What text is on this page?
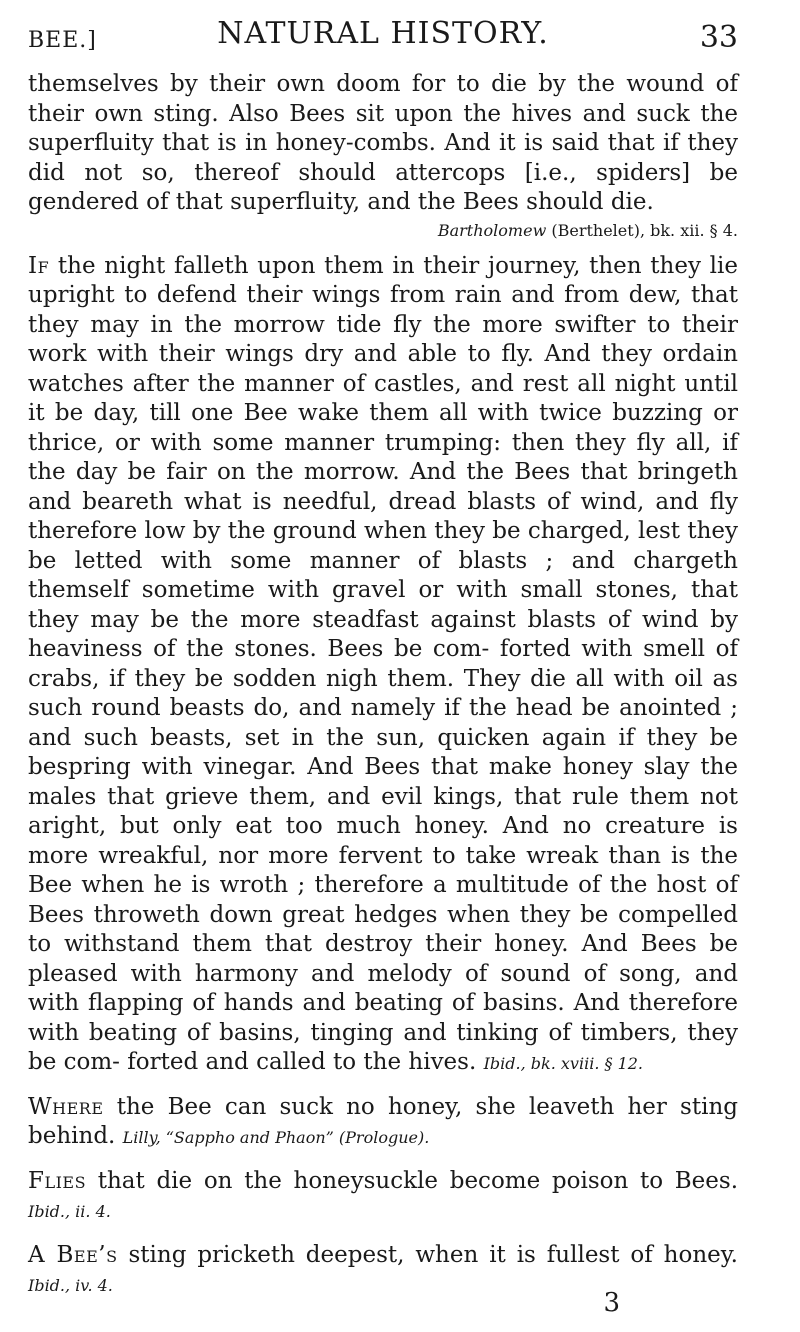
BEE.]	NATURAL HISTORY.	33

themselves by their own doom for to die by the wound of their own sting. Also Bees sit upon the hives and suck the superfluity that is in honey-combs. And it is said that if they did not so, thereof should attercops [i.e., spiders] be gendered of that superfluity, and the Bees should die.

Bartholomew (Berthelet), bk. xii. § 4.

If the night falleth upon them in their journey, then they lie upright to defend their wings from rain and from dew, that they may in the morrow tide fly the more swifter to their work with their wings dry and able to fly. And they ordain watches after the manner of castles, and rest all night until it be day, till one Bee wake them all with twice buzzing or thrice, or with some manner trumping: then they fly all, if the day be fair on the morrow. And the Bees that bringeth and beareth what is needful, dread blasts of wind, and fly therefore low by the ground when they be charged, lest they be letted with some manner of blasts ; and chargeth themself sometime with gravel or with small stones, that they may be the more steadfast against blasts of wind by heaviness of the stones. Bees be com- forted with smell of crabs, if they be sodden nigh them. They die all with oil as such round beasts do, and namely if the head be anointed ; and such beasts, set in the sun, quicken again if they be bespring with vinegar. And Bees that make honey slay the males that grieve them, and evil kings, that rule them not aright, but only eat too much honey. And no creature is more wreakful, nor more fervent to take wreak than is the Bee when he is wroth ; therefore a multitude of the host of Bees throweth down great hedges when they be compelled to withstand them that destroy their honey. And Bees be pleased with harmony and melody of sound of song, and with flapping of hands and beating of basins. And therefore with beating of basins, tinging and tinking of timbers, they be com- forted and called to the hives. Ibid., bk. xviii. § 12.

Where the Bee can suck no honey, she leaveth her sting behind. Lilly, “Sappho and Phaon” (Prologue).

Flies that die on the honeysuckle become poison to Bees. Ibid., ii. 4.

A Bee’s sting pricketh deepest, when it is fullest of honey. Ibid., iv. 4.

3
